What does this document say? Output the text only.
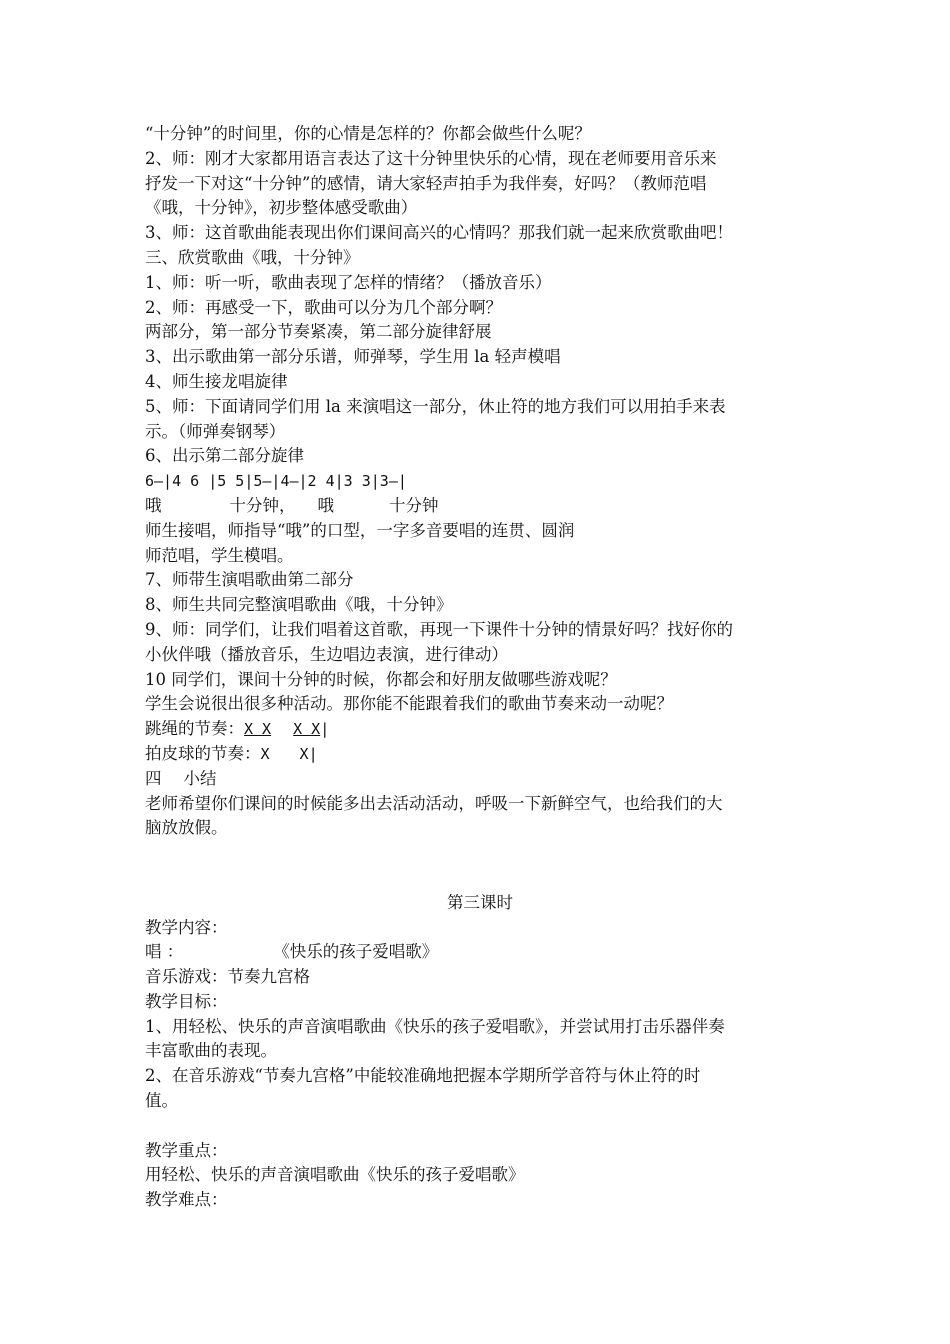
“十分钟”的时间里，你的心情是怎样的？你都会做些什么呢？
2、师：刚才大家都用语言表达了这十分钟里快乐的心情，现在老师要用音乐来
抒发一下对这“十分钟”的感情，请大家轻声拍手为我伴奏，好吗？（教师范唱
《哦，十分钟》，初步整体感受歌曲）
3、师：这首歌曲能表现出你们课间高兴的心情吗？那我们就一起来欣赏歌曲吧！
三、欣赏歌曲《哦，十分钟》
1、师：听一听，歌曲表现了怎样的情绪？（播放音乐）
2、师：再感受一下，歌曲可以分为几个部分啊？
两部分，第一部分节奏紧凑，第二部分旋律舒展
3、出示歌曲第一部分乐谱，师弹琴，学生用 la 轻声模唱
4、师生接龙唱旋律
5、师：下面请同学们用 la 来演唱这一部分，休止符的地方我们可以用拍手来表
示。（师弹奏钢琴）
6、出示第二部分旋律
6—|4 6 |5 5|5—|4—|2 4|3 3|3—|
哦	十分钟， 哦	十分钟
师生接唱，师指导“哦”的口型，一字多音要唱的连贯、圆润
师范唱，学生模唱。
7、师带生演唱歌曲第二部分
8、师生共同完整演唱歌曲《哦，十分钟》
9、师：同学们，让我们唱着这首歌，再现一下课件十分钟的情景好吗？找好你的
小伙伴哦（播放音乐，生边唱边表演，进行律动）
10 同学们，课间十分钟的时候，你都会和好朋友做哪些游戏呢？
学生会说很出很多种活动。那你能不能跟着我们的歌曲节奏来动一动呢？
跳绳的节奏：X X X X|
拍皮球的节奏：X X|
四 小结
老师希望你们课间的时候能多出去活动活动，呼吸一下新鲜空气，也给我们的大
脑放放假。
第三课时
教学内容：
唱 ：	《快乐的孩子爱唱歌》
音乐游戏：节奏九宫格
教学目标：
1、用轻松、快乐的声音演唱歌曲《快乐的孩子爱唱歌》，并尝试用打击乐器伴奏
丰富歌曲的表现。
2、在音乐游戏“节奏九宫格”中能较准确地把握本学期所学音符与休止符的时
值。
教学重点：
用轻松、快乐的声音演唱歌曲《快乐的孩子爱唱歌》
教学难点：
